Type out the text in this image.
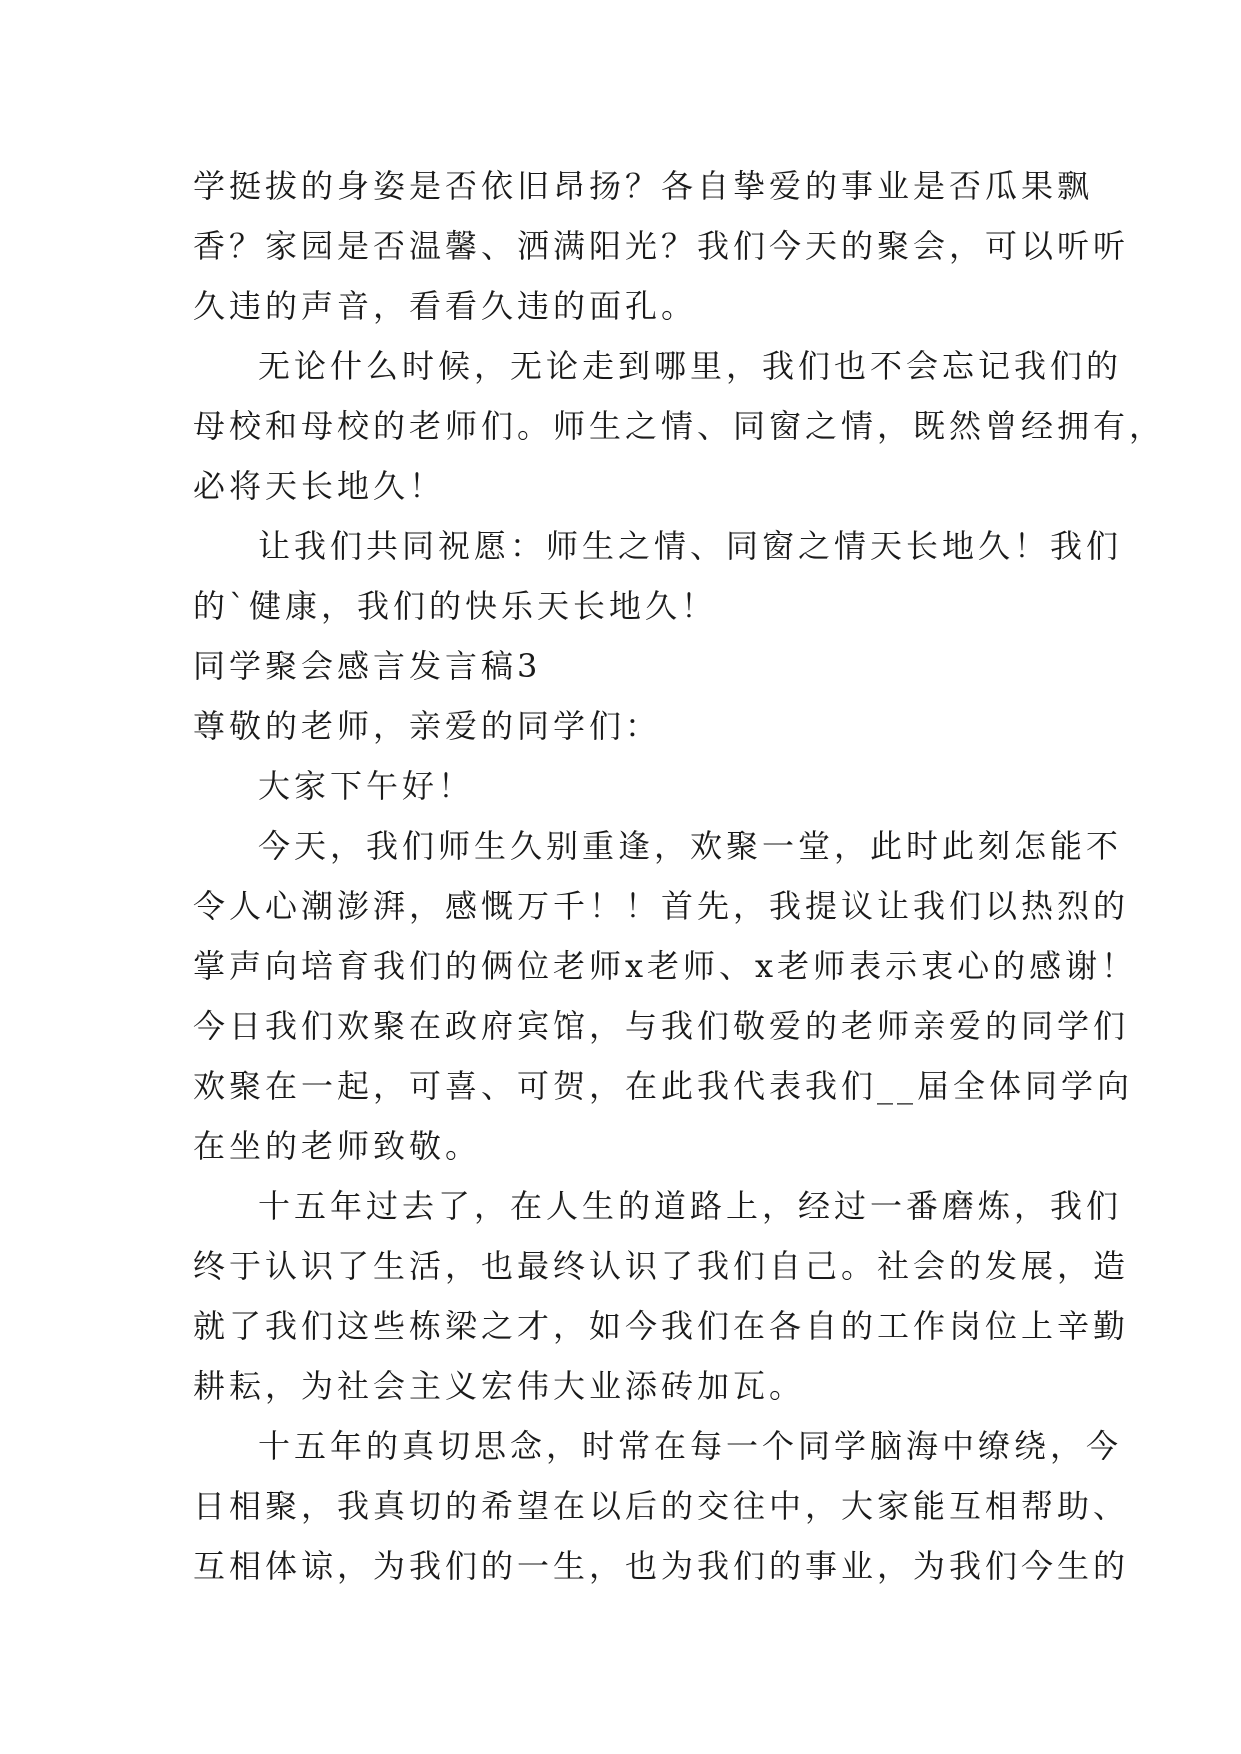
学挺拔的身姿是否依旧昂扬？各自挚爱的事业是否瓜果飘
香？家园是否温馨、洒满阳光？我们今天的聚会，可以听听
久违的声音，看看久违的面孔。
无论什么时候，无论走到哪里，我们也不会忘记我们的
母校和母校的老师们。师生之情、同窗之情，既然曾经拥有，
必将天长地久！
让我们共同祝愿：师生之情、同窗之情天长地久！我们
的`健康，我们的快乐天长地久！
同学聚会感言发言稿3
尊敬的老师，亲爱的同学们：
大家下午好！
今天，我们师生久别重逢，欢聚一堂，此时此刻怎能不
令人心潮澎湃，感慨万千！！首先，我提议让我们以热烈的
掌声向培育我们的俩位老师x老师、x老师表示衷心的感谢！
今日我们欢聚在政府宾馆，与我们敬爱的老师亲爱的同学们
欢聚在一起，可喜、可贺，在此我代表我们__届全体同学向
在坐的老师致敬。
十五年过去了，在人生的道路上，经过一番磨炼，我们
终于认识了生活，也最终认识了我们自己。社会的发展，造
就了我们这些栋梁之才，如今我们在各自的工作岗位上辛勤
耕耘，为社会主义宏伟大业添砖加瓦。
十五年的真切思念，时常在每一个同学脑海中缭绕，今
日相聚，我真切的希望在以后的交往中，大家能互相帮助、
互相体谅，为我们的一生，也为我们的事业，为我们今生的
